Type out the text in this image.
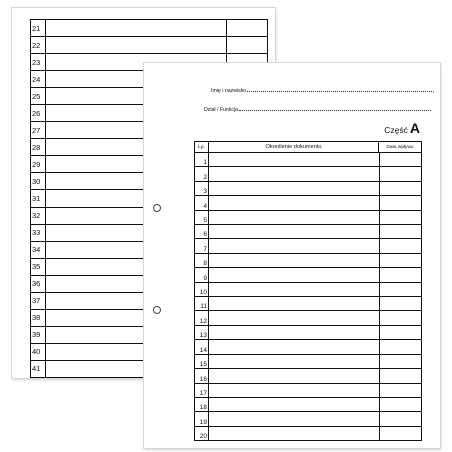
21
22
23
24
25
26
27
28
29
30
31
32
33
34
35
36
37
38
39
40
41
Imię i nazwisko
Dział / Funkcja
Część A
Lp.	Określenie dokumentu	Data wpływu
1
2
3
4
5
6
7
8
9
10
11
12
13
14
15
16
17
18
19
20
